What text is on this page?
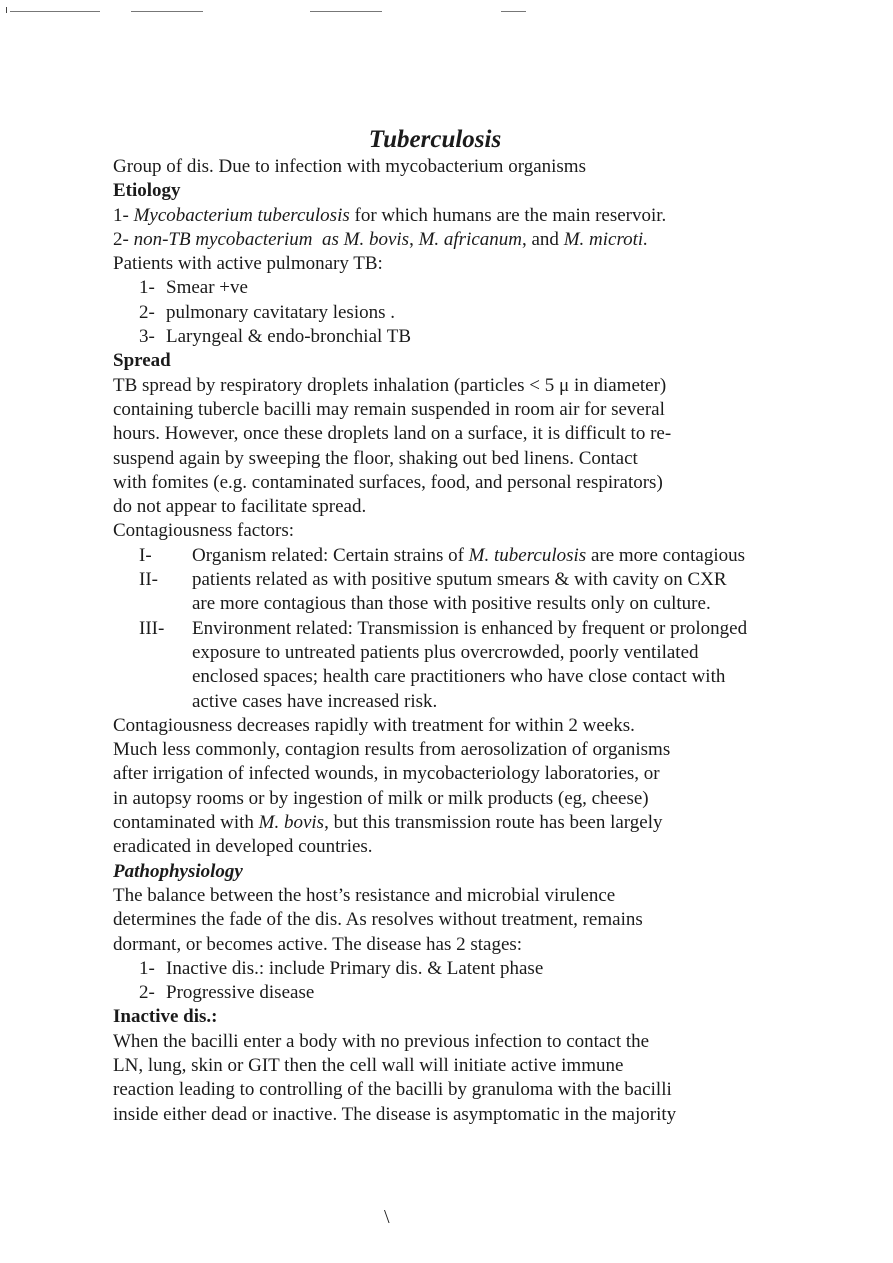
Tuberculosis
Group of dis. Due to infection with mycobacterium organisms
Etiology
1- Mycobacterium tuberculosis for which humans are the main reservoir.
2- non-TB mycobacterium  as M. bovis, M. africanum, and M. microti.
Patients with active pulmonary TB:
1- Smear +ve
2- pulmonary cavitatary lesions .
3- Laryngeal & endo-bronchial TB
Spread
TB spread by respiratory droplets inhalation (particles < 5 μ in diameter)
containing tubercle bacilli may remain suspended in room air for several
hours. However, once these droplets land on a surface, it is difficult to re-
suspend again by sweeping the floor, shaking out bed linens. Contact
with fomites (e.g. contaminated surfaces, food, and personal respirators)
do not appear to facilitate spread.
Contagiousness factors:
I-	Organism related: Certain strains of M. tuberculosis are more contagious
II-	patients related as with positive sputum smears & with cavity on CXR are more contagious than those with positive results only on culture.
III-	Environment related: Transmission is enhanced by frequent or prolonged exposure to untreated patients plus overcrowded, poorly ventilated enclosed spaces; health care practitioners who have close contact with active cases have increased risk.
Contagiousness decreases rapidly with treatment for within 2 weeks.
Much less commonly, contagion results from aerosolization of organisms
after irrigation of infected wounds, in mycobacteriology laboratories, or
in autopsy rooms or by ingestion of milk or milk products (eg, cheese)
contaminated with M. bovis, but this transmission route has been largely
eradicated in developed countries.
Pathophysiology
The balance between the host’s resistance and microbial virulence
determines the fade of the dis. As resolves without treatment, remains
dormant, or becomes active. The disease has 2 stages:
1- Inactive dis.: include Primary dis. & Latent phase
2- Progressive disease
Inactive dis.:
When the bacilli enter a body with no previous infection to contact the
LN, lung, skin or GIT then the cell wall will initiate active immune
reaction leading to controlling of the bacilli by granuloma with the bacilli
inside either dead or inactive. The disease is asymptomatic in the majority
\
